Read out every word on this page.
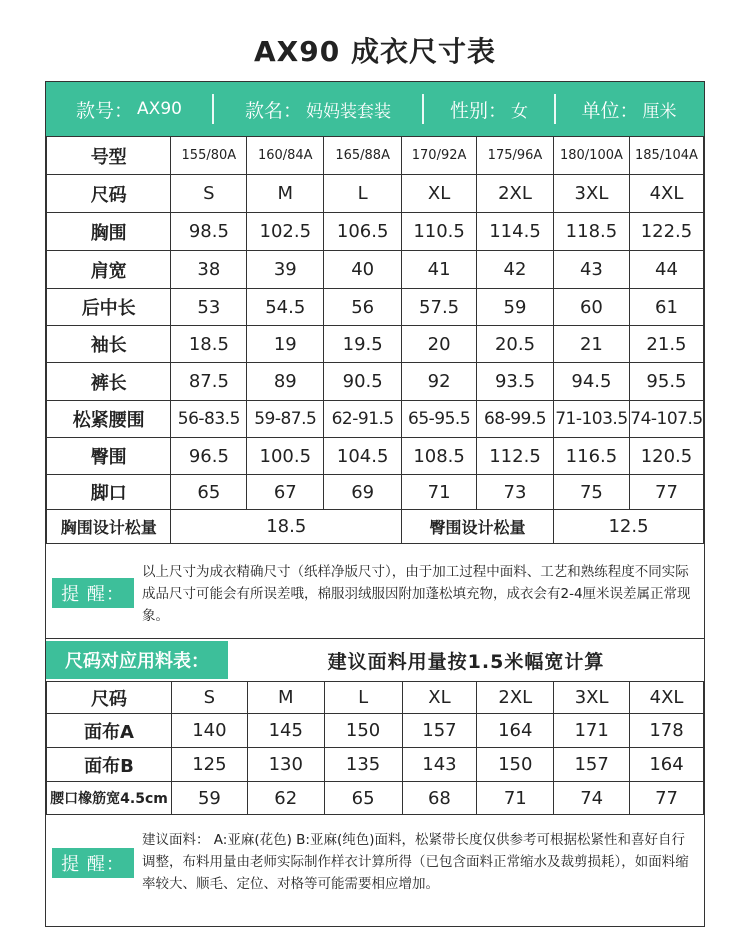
AX90 成衣尺寸表
款号： AX90	款名： 妈妈装套装	性别： 女	单位： 厘米
号型	155/80A	160/84A	165/88A	170/92A	175/96A	180/100A	185/104A
尺码	S	M	L	XL	2XL	3XL	4XL
胸围	98.5	102.5	106.5	110.5	114.5	118.5	122.5
肩宽	38	39	40	41	42	43	44
后中长	53	54.5	56	57.5	59	60	61
袖长	18.5	19	19.5	20	20.5	21	21.5
裤长	87.5	89	90.5	92	93.5	94.5	95.5
松紧腰围	56-83.5	59-87.5	62-91.5	65-95.5	68-99.5	71-103.5	74-107.5
臀围	96.5	100.5	104.5	108.5	112.5	116.5	120.5
脚口	65	67	69	71	73	75	77
胸围设计松量	18.5			臀围设计松量		12.5	
提 醒：
以上尺寸为成衣精确尺寸（纸样净版尺寸），由于加工过程中面料、工艺和熟练程度不同实际成品尺寸可能会有所误差哦，棉服羽绒服因附加蓬松填充物，成衣会有2-4厘米误差属正常现象。
尺码对应用料表：	建议面料用量按1.5米幅宽计算
尺码	S	M	L	XL	2XL	3XL	4XL
面布A	140	145	150	157	164	171	178
面布B	125	130	135	143	150	157	164
腰口橡筋宽4.5cm	59	62	65	68	71	74	77
提 醒：
建议面料： A:亚麻(花色) B:亚麻(纯色)面料，松紧带长度仅供参考可根据松紧性和喜好自行调整，布料用量由老师实际制作样衣计算所得（已包含面料正常缩水及裁剪损耗），如面料缩率较大、顺毛、定位、对格等可能需要相应增加。
